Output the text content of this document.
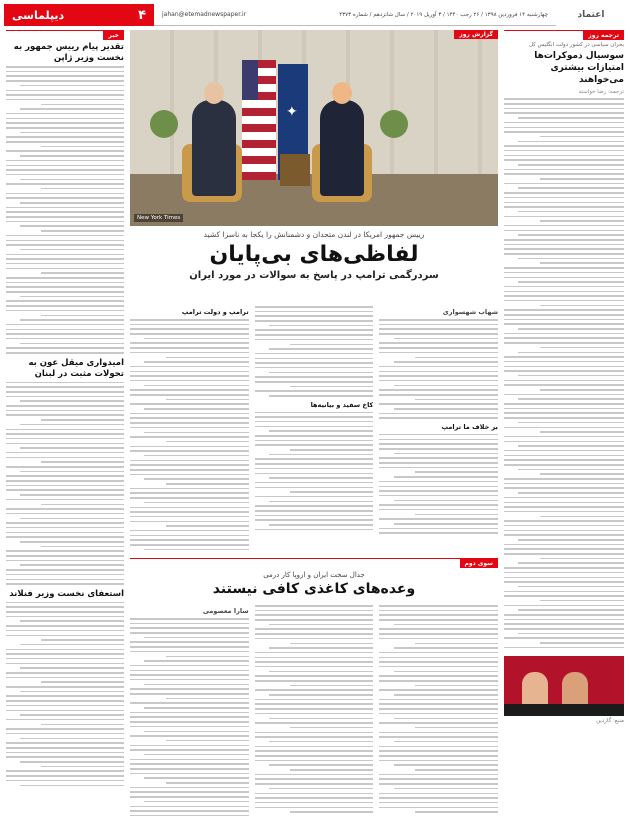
اعتماد
چهارشنبه ۱۴ فروردین ۱۳۹۸ / ۲۶ رجب ۱۴۴۰ / ۳ آوریل ۲۰۱۹ / سال شانزدهم / شماره ۴۳۷۳
jahan@etemadnewspaper.ir
۴
دیپلماسی
ترجمه روز
بحران سیاسی در کشور دولت انگلیس کل
سوسیال دموکرات‌ها امتیازات بیشتری می‌خواهند
ترجمه: رضا خواسته
منبع: گاردین
✦
گزارش روز
New York Times
رییس جمهور امریکا در لندن متحدان و دشمنانش را یکجا به ناسزا کشید
لفاظی‌های بی‌پایان
سردرگمی ترامپ در پاسخ به سوالات در مورد ایران
شهاب شهسواری
بر خلاف ما ترامپ
کاخ سفید و بیانیه‌ها
ترامپ و دولت ترامپ
سوی دوم
جدال سخت ایران و اروپا کار درمی
وعده‌های کاغذی کافی نیستند
سارا معصومی
خبر
تقدیر پیام رییس جمهور به نخست وزیر ژاپن
امیدواری میقل عون به تحولات مثبت در لبنان
استعفای نخست وزیر فنلاند
